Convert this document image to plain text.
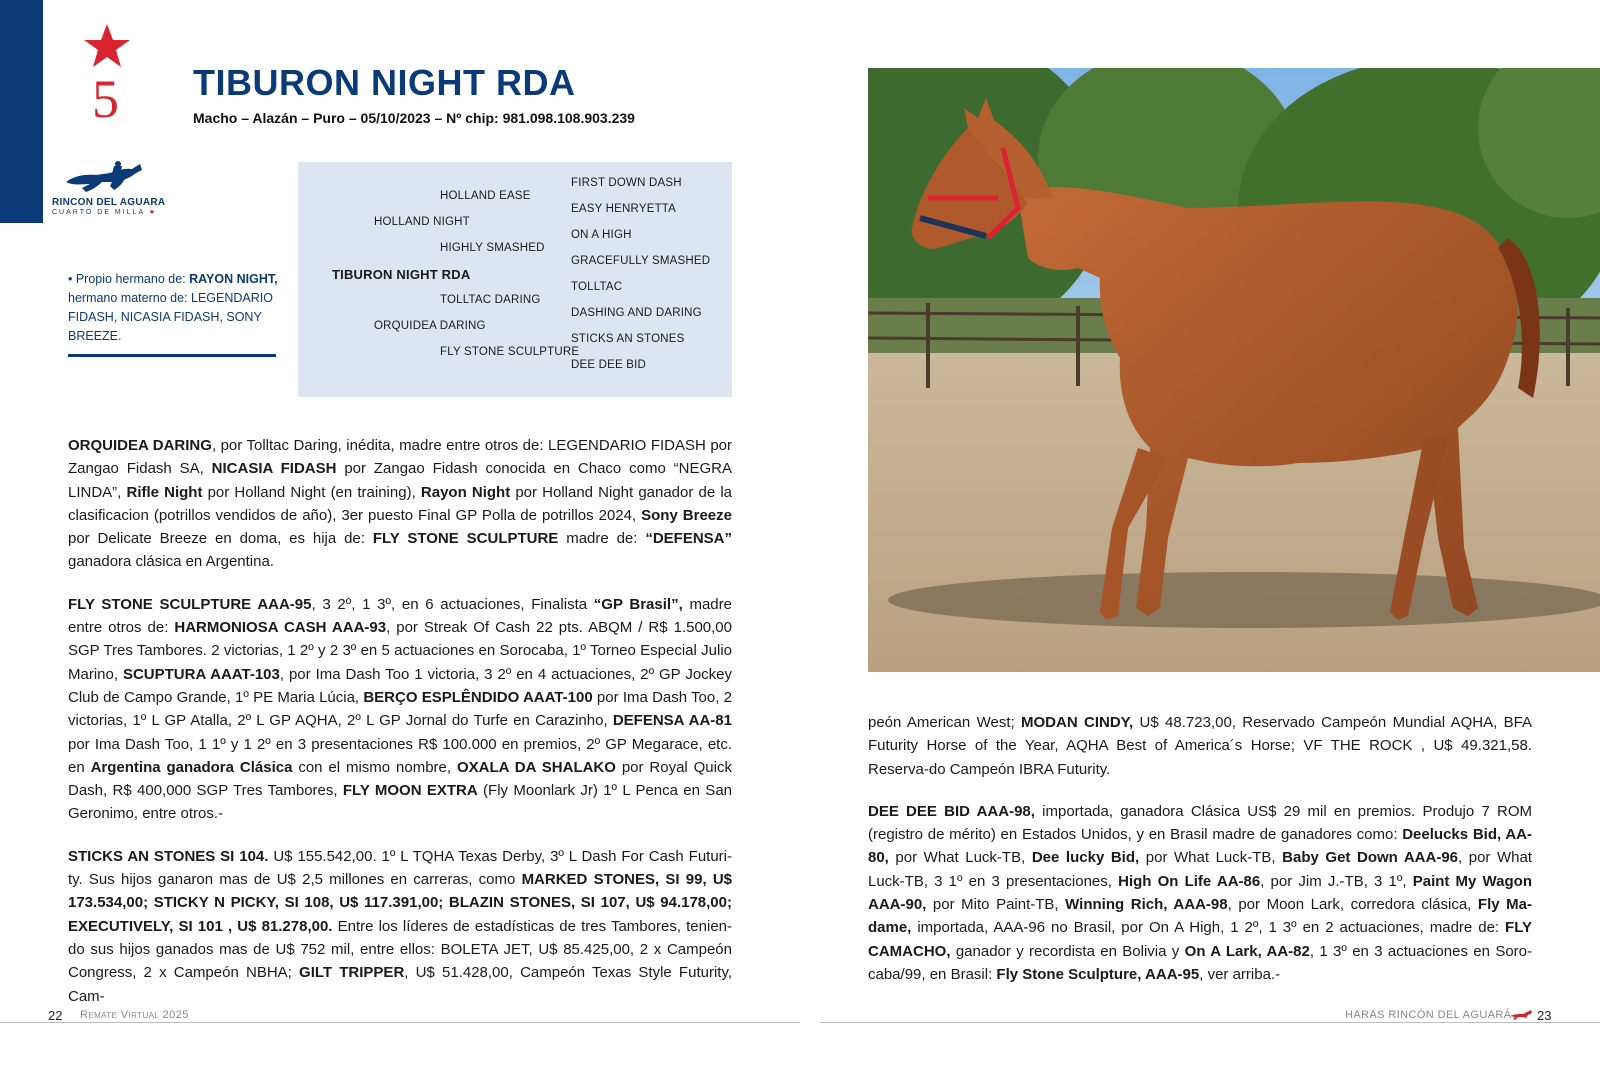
5 TIBURON NIGHT RDA
Macho – Alazán – Puro – 05/10/2023 – Nº chip: 981.098.108.903.239
RINCON DEL AGUARA
CUARTO DE MILLA ★
• Propio hermano de: RAYON NIGHT, hermano materno de: LEGENDARIO FIDASH, NICASIA FIDASH, SONY BREEZE.
HOLLAND EASE
HOLLAND NIGHT
HIGHLY SMASHED
TIBURON NIGHT RDA
TOLLTAC DARING
ORQUIDEA DARING
FLY STONE SCULPTURE
FIRST DOWN DASH
EASY HENRYETTA
ON A HIGH
GRACEFULLY SMASHED
TOLLTAC
DASHING AND DARING
STICKS AN STONES
DEE DEE BID

ORQUIDEA DARING, por Tolltac Daring, inédita, madre entre otros de: LEGENDARIO FIDASH por Zangao Fidash SA, NICASIA FIDASH por Zangao Fidash conocida en Chaco como “NEGRA LINDA”, Rifle Night por Holland Night (en training), Rayon Night por Holland Night ganador de la clasificacion (potrillos vendidos de año), 3er puesto Final GP Polla de potrillos 2024, Sony Breeze por Delicate Breeze en doma, es hija de: FLY STONE SCULPTURE madre de: “DEFENSA” ganadora clásica en Argentina.

FLY STONE SCULPTURE AAA-95, 3 2º, 1 3º, en 6 actuaciones, Finalista “GP Brasil”, madre entre otros de: HARMONIOSA CASH AAA-93, por Streak Of Cash 22 pts. ABQM / R$ 1.500,00 SGP Tres Tambores. 2 victorias, 1 2º y 2 3º en 5 actuaciones en Sorocaba, 1º Torneo Especial Julio Marino, SCUPTURA AAAT-103, por Ima Dash Too 1 victoria, 3 2º en 4 actuaciones, 2º GP Jockey Club de Campo Grande, 1º PE Maria Lúcia, BERÇO ESPLÊNDIDO AAAT-100 por Ima Dash Too, 2 victorias, 1º L GP Atalla, 2º L GP AQHA, 2º L GP Jornal do Turfe en Carazinho, DEFENSA AA-81 por Ima Dash Too, 1 1º y 1 2º en 3 presentaciones R$ 100.000 en premios, 2º GP Megarace, etc. en Argentina ganadora Clásica con el mismo nombre, OXALA DA SHALAKO por Royal Quick Dash, R$ 400,000 SGP Tres Tambores, FLY MOON EXTRA (Fly Moonlark Jr) 1º L Penca en San Geronimo, entre otros.-

STICKS AN STONES SI 104. U$ 155.542,00. 1º L TQHA Texas Derby, 3º L Dash For Cash Futuri-ty. Sus hijos ganaron mas de U$ 2,5 millones en carreras, como MARKED STONES, SI 99, U$ 173.534,00; STICKY N PICKY, SI 108, U$ 117.391,00; BLAZIN STONES, SI 107, U$ 94.178,00; EXECUTIVELY, SI 101 , U$ 81.278,00. Entre los líderes de estadísticas de tres Tambores, tenien-do sus hijos ganados mas de U$ 752 mil, entre ellos: BOLETA JET, U$ 85.425,00, 2 x Campeón Congress, 2 x Campeón NBHA; GILT TRIPPER, U$ 51.428,00, Campeón Texas Style Futurity, Cam-

peón American West; MODAN CINDY, U$ 48.723,00, Reservado Campeón Mundial AQHA, BFA Futurity Horse of the Year, AQHA Best of America´s Horse; VF THE ROCK , U$ 49.321,58. Reserva-do Campeón IBRA Futurity.

DEE DEE BID AAA-98, importada, ganadora Clásica US$ 29 mil en premios. Produjo 7 ROM (registro de mérito) en Estados Unidos, y en Brasil madre de ganadores como: Deelucks Bid, AA-80, por What Luck-TB, Dee lucky Bid, por What Luck-TB, Baby Get Down AAA-96, por What Luck-TB, 3 1º en 3 presentaciones, High On Life AA-86, por Jim J.-TB, 3 1º, Paint My Wagon AAA-90, por Mito Paint-TB, Winning Rich, AAA-98, por Moon Lark, corredora clásica, Fly Ma-dame, importada, AAA-96 no Brasil, por On A High, 1 2º, 1 3º en 2 actuaciones, madre de: FLY CAMACHO, ganador y recordista en Bolivia y On A Lark, AA-82, 1 3º en 3 actuaciones en Soro-caba/99, en Brasil: Fly Stone Sculpture, AAA-95, ver arriba.-

22 Remate Virtual 2025	HARAS RINCÓN DEL AGUARÁ 23
